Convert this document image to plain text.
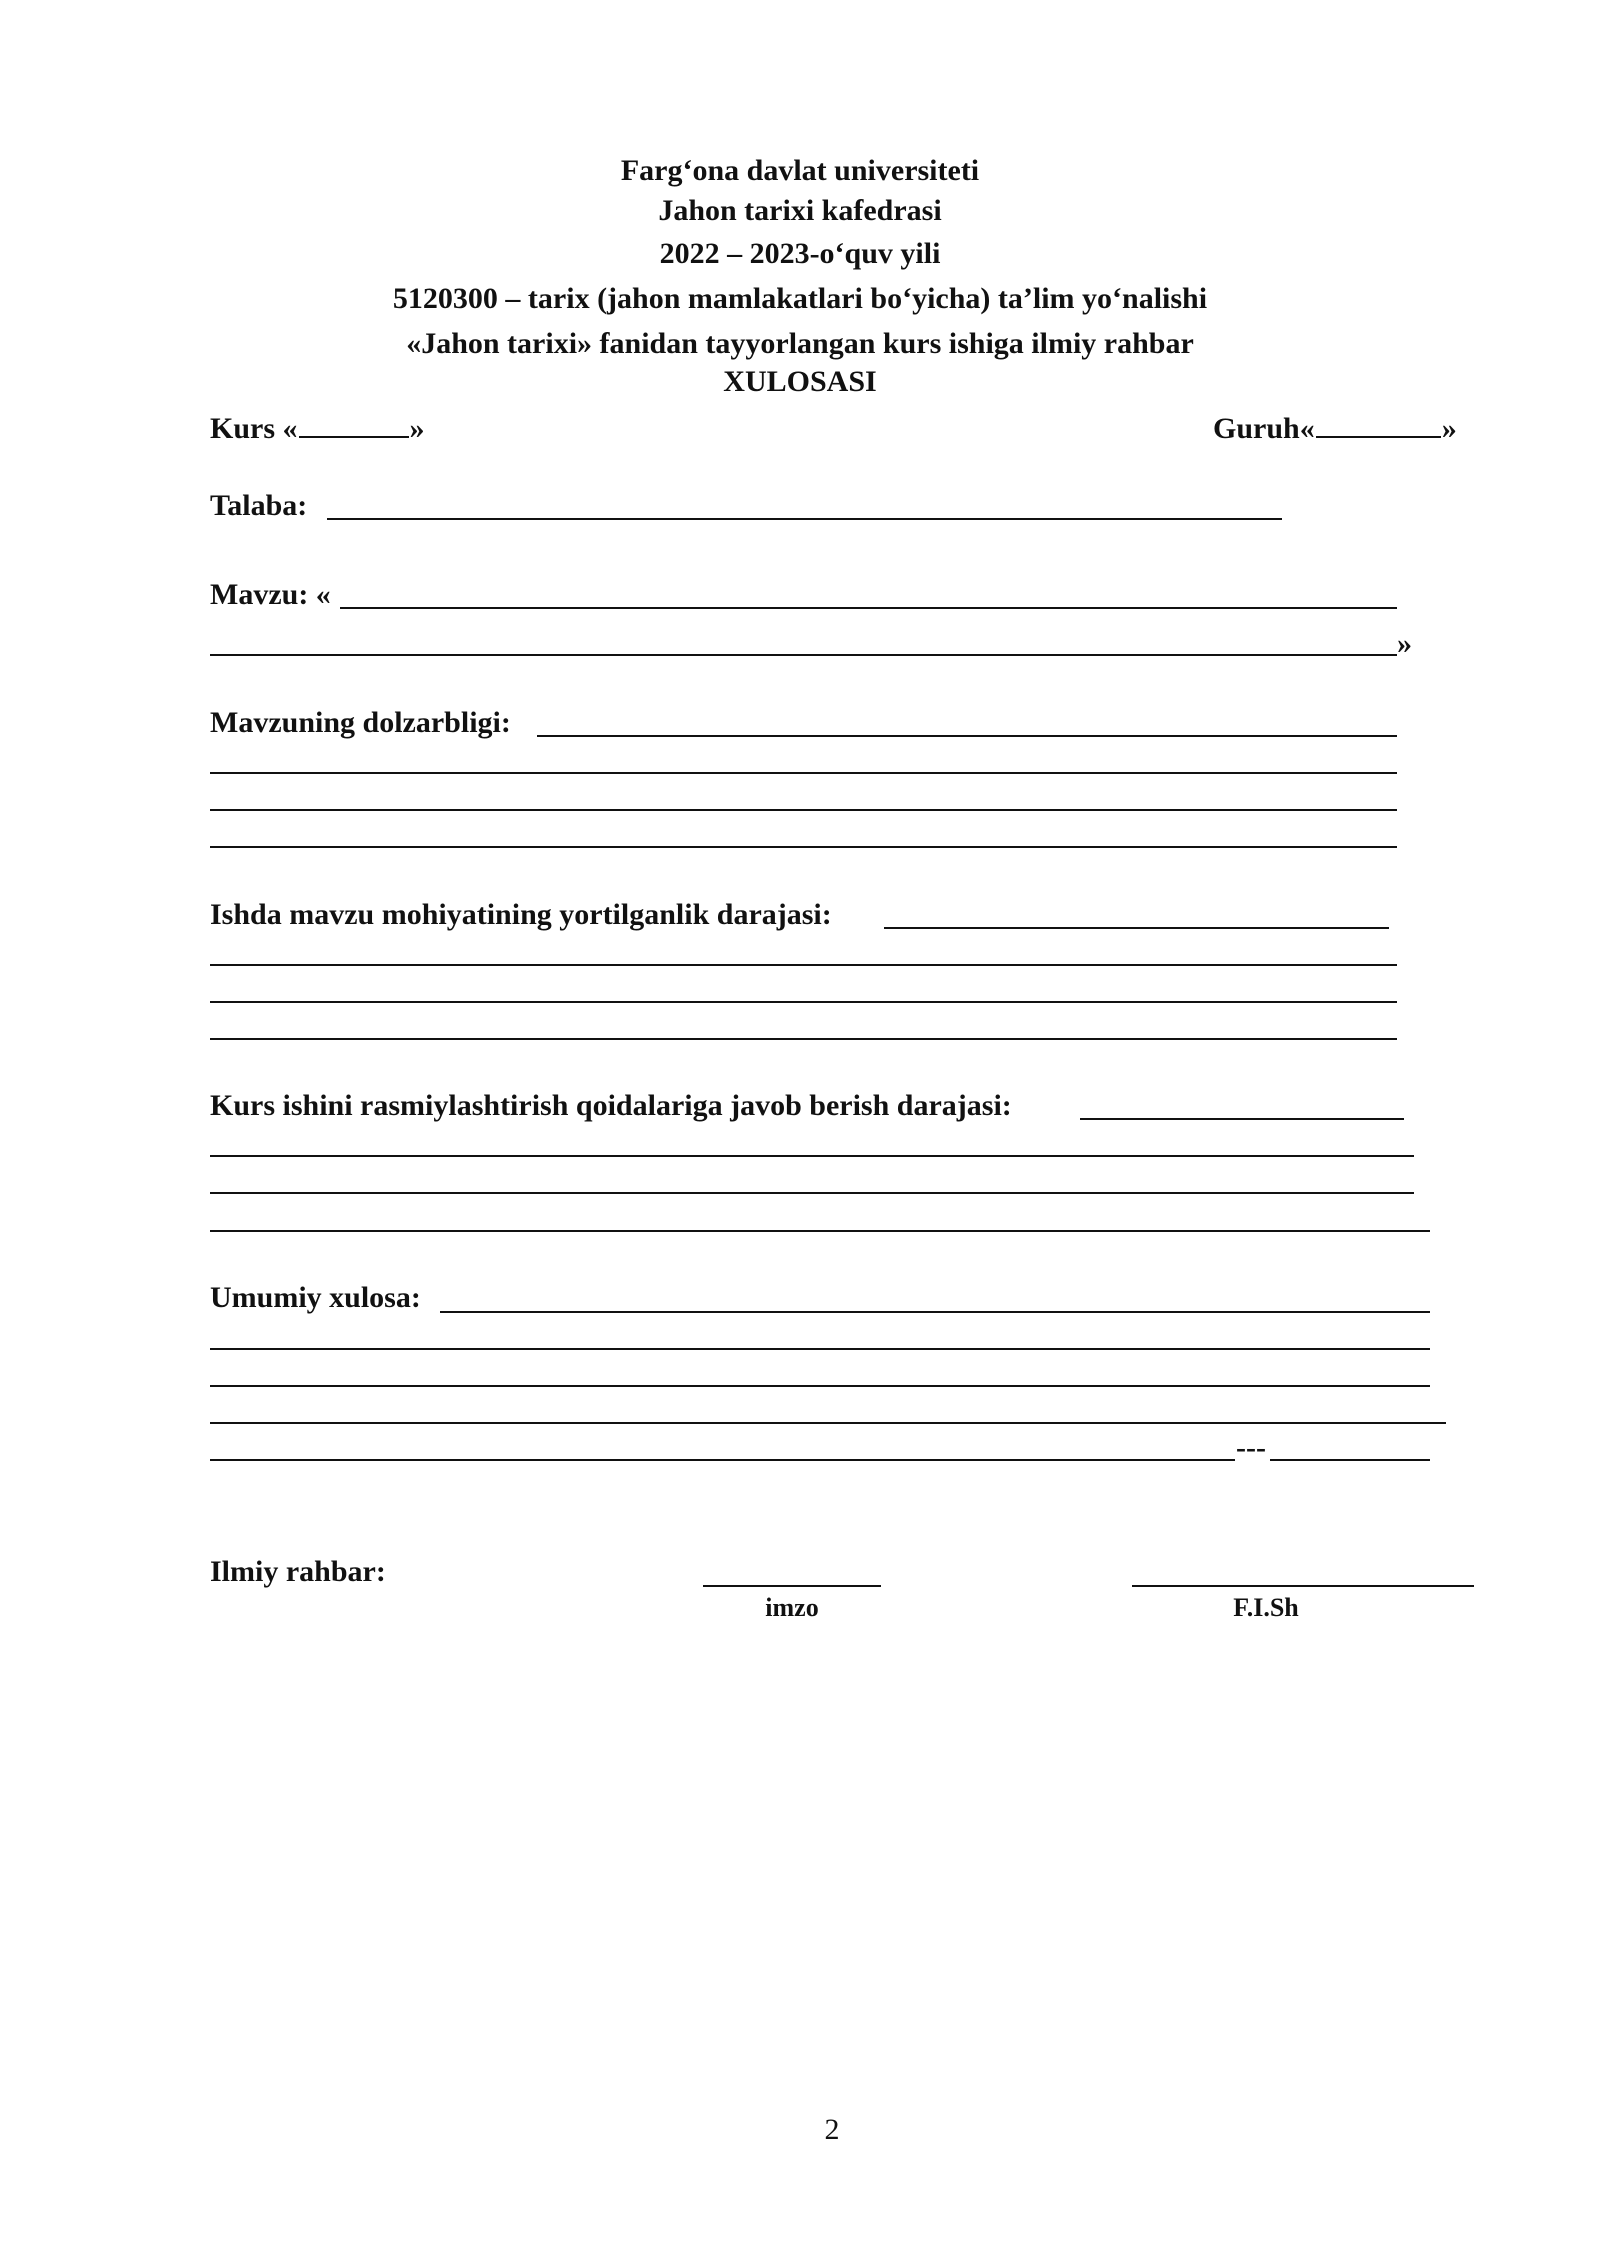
Farg‘ona davlat universiteti
Jahon tarixi kafedrasi
2022 – 2023-o‘quv yili
5120300 – tarix (jahon mamlakatlari bo‘yicha) ta’lim yo‘nalishi
«Jahon tarixi» fanidan tayyorlangan kurs ishiga ilmiy rahbar
XULOSASI
Kurs «	»	Guruh«	»
Talaba:
Mavzu: «
»
Mavzuning dolzarbligi:
Ishda mavzu mohiyatining yortilganlik darajasi:
Kurs ishini rasmiylashtirish qoidalariga javob berish darajasi:
Umumiy xulosa:
---
Ilmiy rahbar:
imzo	F.I.Sh
2
